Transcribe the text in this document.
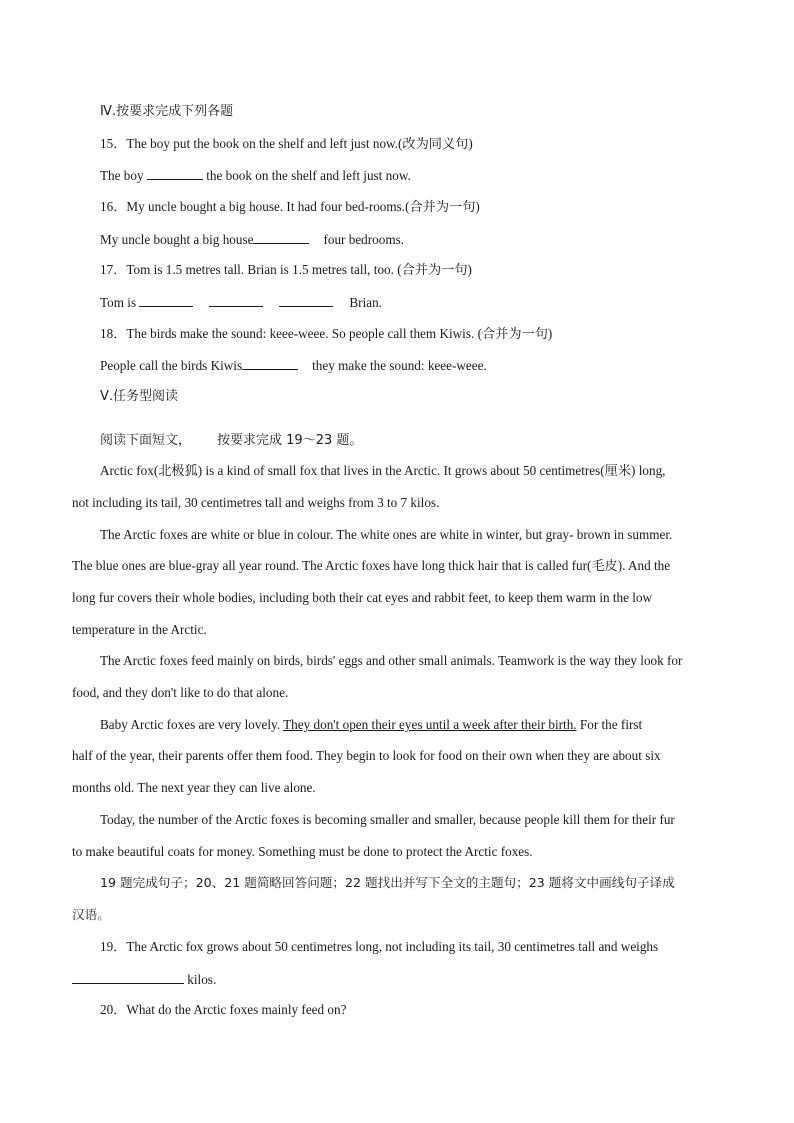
Ⅳ.按要求完成下列各题
15．The boy put the book on the shelf and left just now.(改为同义句)
The boy	the book on the shelf and left just now.
16．My uncle bought a big house. It had four bed-rooms.(合并为一句)
My uncle bought a big house	four bedrooms.
17．Tom is 1.5 metres tall. Brian is 1.5 metres tall, too. (合并为一句)
Tom is	Brian.
18．The birds make the sound: keee-weee. So people call them Kiwis. (合并为一句)
People call the birds Kiwis	they make the sound: keee-weee.
Ⅴ.任务型阅读
阅读下面短文， 按要求完成 19～23 题。
Arctic fox(北极狐) is a kind of small fox that lives in the Arctic. It grows about 50 centimetres(厘米) long,
not including its tail, 30 centimetres tall and weighs from 3 to 7 kilos.
The Arctic foxes are white or blue in colour. The white ones are white in winter, but gray- brown in summer.
The blue ones are blue-gray all year round. The Arctic foxes have long thick hair that is called fur(毛皮). And the
long fur covers their whole bodies, including both their cat eyes and rabbit feet, to keep them warm in the low
temperature in the Arctic.
The Arctic foxes feed mainly on birds, birds' eggs and other small animals. Teamwork is the way they look for
food, and they don't like to do that alone.
Baby Arctic foxes are very lovely. They don't open their eyes until a week after their birth. For the first
half of the year, their parents offer them food. They begin to look for food on their own when they are about six
months old. The next year they can live alone.
Today, the number of the Arctic foxes is becoming smaller and smaller, because people kill them for their fur
to make beautiful coats for money. Something must be done to protect the Arctic foxes.
19 题完成句子；20、21 题简略回答问题；22 题找出并写下全文的主题句；23 题将文中画线句子译成
汉语。
19．The Arctic fox grows about 50 centimetres long, not including its tail, 30 centimetres tall and weighs
kilos.
20．What do the Arctic foxes mainly feed on?
